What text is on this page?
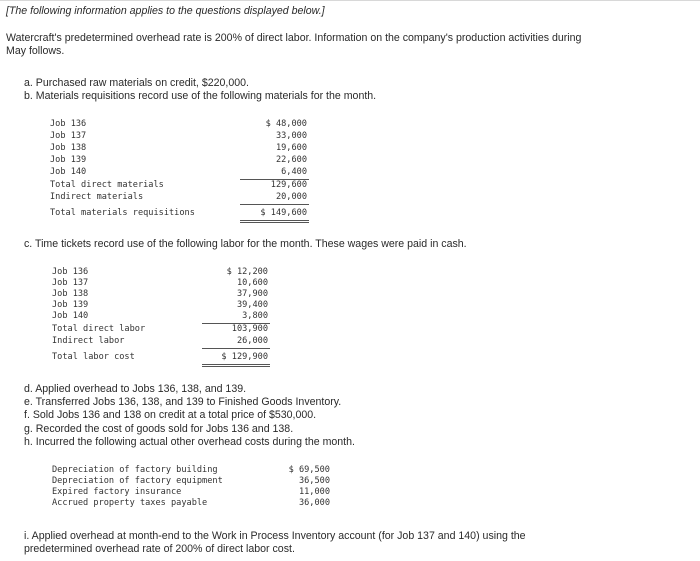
[The following information applies to the questions displayed below.]
Watercraft's predetermined overhead rate is 200% of direct labor. Information on the company's production activities during
May follows.
a. Purchased raw materials on credit, $220,000.
b. Materials requisitions record use of the following materials for the month.
Job 136
Job 137
Job 138
Job 139
Job 140
Total direct materials
Indirect materials
Total materials requisitions
$ 48,000
33,000
19,600
22,600
6,400
129,600
20,000
$ 149,600
c. Time tickets record use of the following labor for the month. These wages were paid in cash.
Job 136
Job 137
Job 138
Job 139
Job 140
Total direct labor
Indirect labor
Total labor cost
$ 12,200
10,600
37,900
39,400
3,800
103,900
26,000
$ 129,900
d. Applied overhead to Jobs 136, 138, and 139.
e. Transferred Jobs 136, 138, and 139 to Finished Goods Inventory.
f. Sold Jobs 136 and 138 on credit at a total price of $530,000.
g. Recorded the cost of goods sold for Jobs 136 and 138.
h. Incurred the following actual other overhead costs during the month.
Depreciation of factory building
Depreciation of factory equipment
Expired factory insurance
Accrued property taxes payable
$ 69,500
36,500
11,000
36,000
i. Applied overhead at month-end to the Work in Process Inventory account (for Job 137 and 140) using the
predetermined overhead rate of 200% of direct labor cost.
